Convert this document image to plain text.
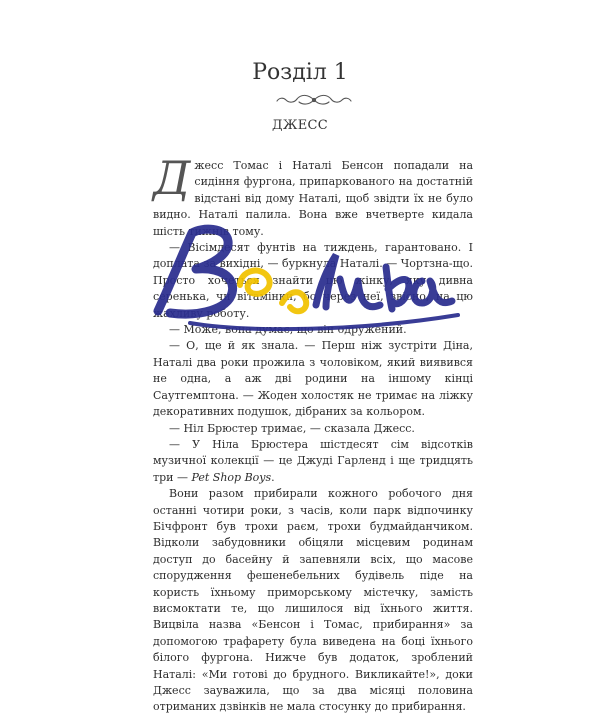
Розділ 1
ДЖЕСС

Джесс Томас і Наталі Бенсон попадали на сидіння фургона, припаркованого на достатній відстані від дому Наталі, щоб звідти їх не було видно. Наталі палила. Вона вже вчетверте кидала шість тижнів тому.

— Вісімдесят фунтів на тиждень, гарантовано. І доплата за вихідні, — буркнула Наталі. — Чортзна-що. Просто хочеться знайти цю жінку, яку дивна серенька, чи вітамінки, бо через неї, звісно, на цю жахливу роботу.

— Може, вона думає, що він одружений.

— О, ще й як знала. — Перш ніж зустріти Діна, Наталі два роки прожила з чоловіком, який виявився не одна, а аж дві родини на іншому кінці Саутгемптона. — Жоден холостяк не тримає на ліжку декоративних подушок, дібраних за кольором.

— Ніл Брюстер тримає, — сказала Джесс.

— У Ніла Брюстера шістдесят сім відсотків музичної колекції — це Джуді Гарленд і ще тридцять три — Pet Shop Boys.

Вони разом прибирали кожного робочого дня останні чотири роки, з часів, коли парк відпочинку Бічфронт був трохи раєм, трохи будмайданчиком. Відколи забудовники обіцяли місцевим родинам доступ до басейну й запевняли всіх, що масове спорудження фешенебельних будівель піде на користь їхньому приморському містечку, замість висмоктати те, що лишилося від їхнього життя. Вицвіла назва «Бенсон і Томас, прибирання» за допомогою трафарету була виведена на боці їхнього білого фургона. Нижче був додаток, зроблений Наталі: «Ми готові до брудного. Викликайте!», доки Джесс зауважила, що за два місяці половина отриманих дзвінків не мала стосунку до прибирання.
